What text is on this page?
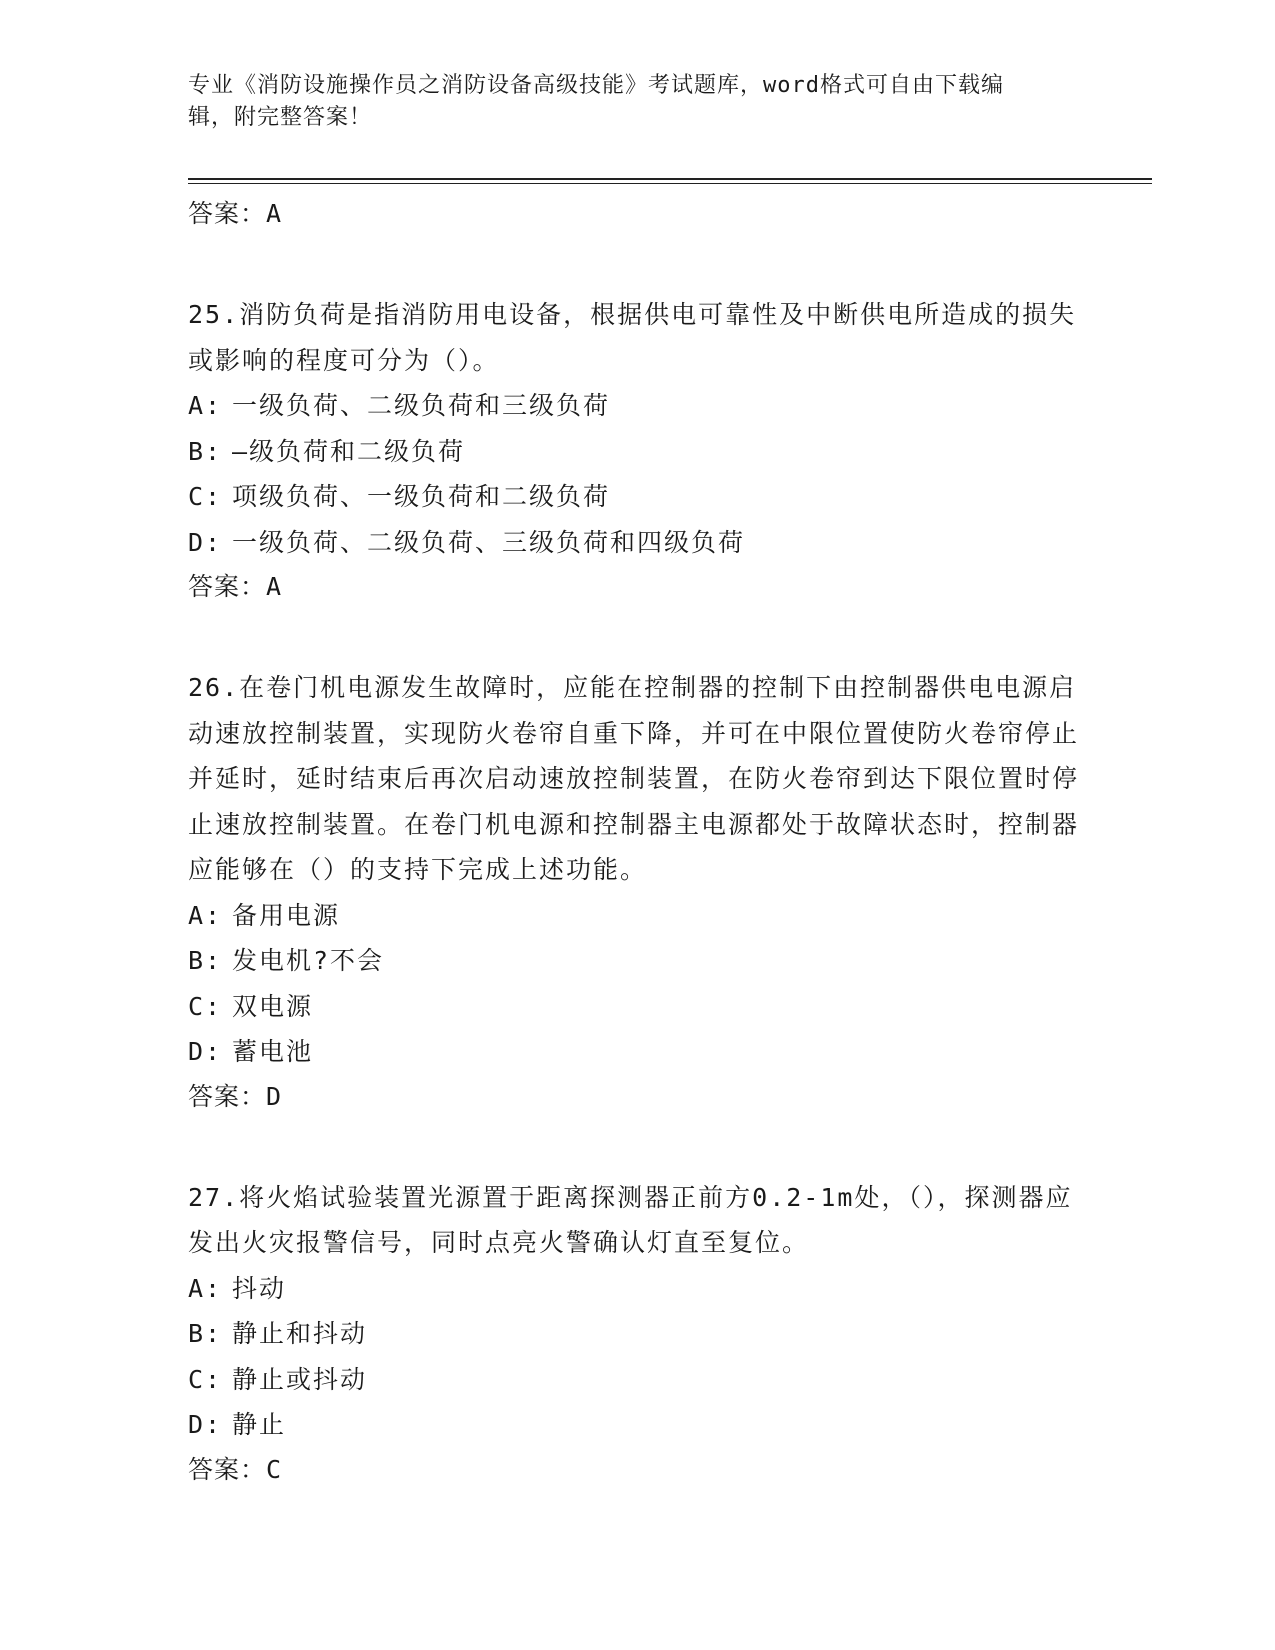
专业《消防设施操作员之消防设备高级技能》考试题库，word格式可自由下载编
辑，附完整答案！
答案：A
25.消防负荷是指消防用电设备，根据供电可靠性及中断供电所造成的损失或影响的程度可分为（）。
A: 一级负荷、二级负荷和三级负荷
B: —级负荷和二级负荷
C: 项级负荷、一级负荷和二级负荷
D: 一级负荷、二级负荷、三级负荷和四级负荷
答案：A
26.在卷门机电源发生故障时，应能在控制器的控制下由控制器供电电源启动速放控制装置，实现防火卷帘自重下降，并可在中限位置使防火卷帘停止并延时，延时结束后再次启动速放控制装置，在防火卷帘到达下限位置时停止速放控制装置。在卷门机电源和控制器主电源都处于故障状态时，控制器应能够在（）的支持下完成上述功能。
A: 备用电源
B: 发电机?不会
C: 双电源
D: 蓄电池
答案：D
27.将火焰试验装置光源置于距离探测器正前方0.2-1m处，（），探测器应发出火灾报警信号，同时点亮火警确认灯直至复位。
A: 抖动
B: 静止和抖动
C: 静止或抖动
D: 静止
答案：C
